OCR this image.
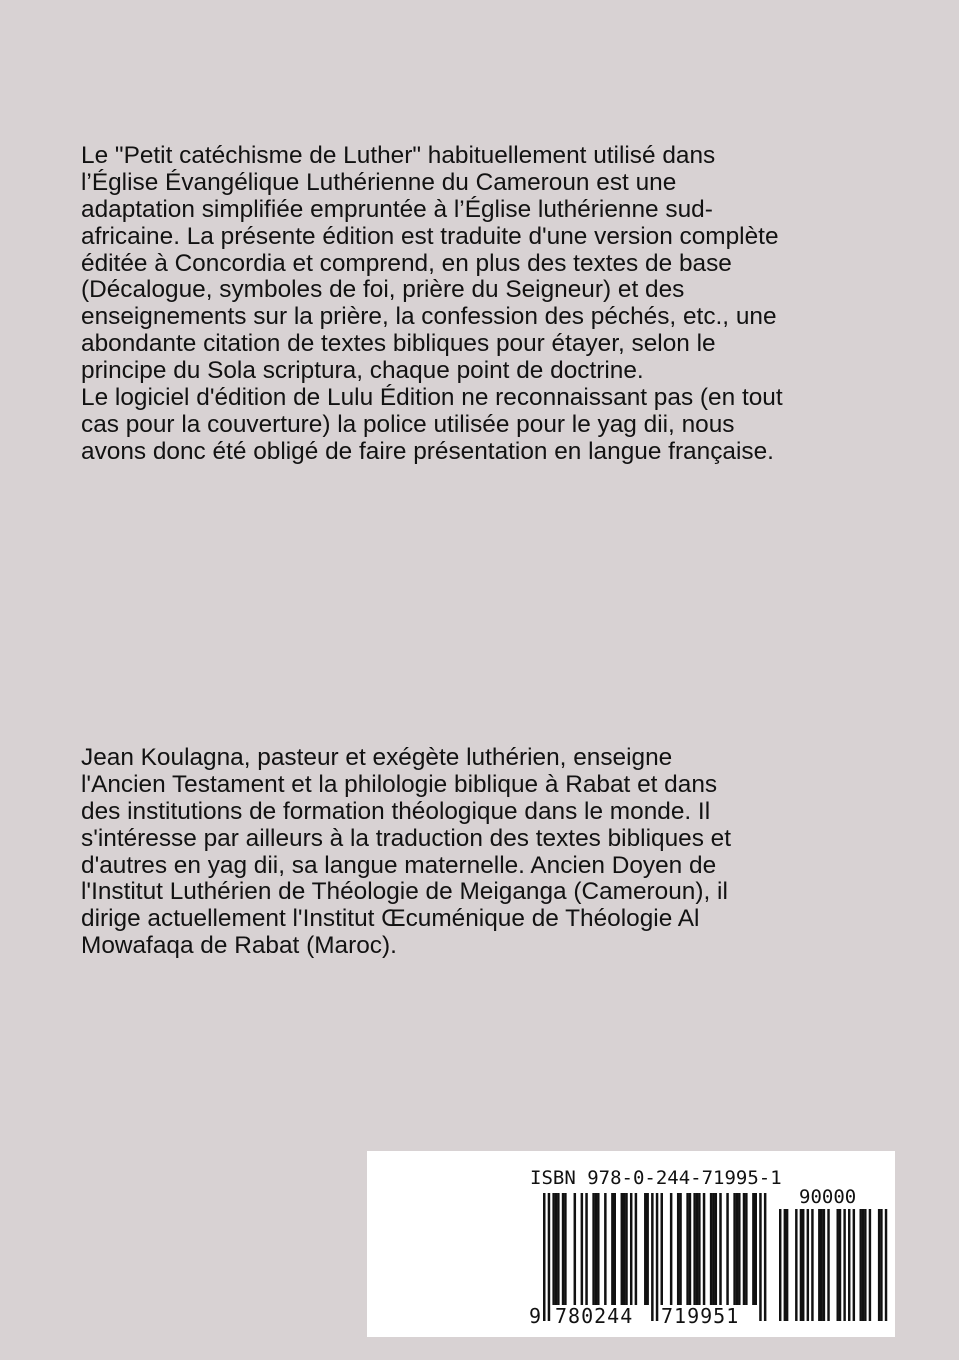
Le "Petit catéchisme de Luther" habituellement utilisé dans
l’Église Évangélique Luthérienne du Cameroun est une
adaptation simplifiée empruntée à l’Église luthérienne sud-
africaine. La présente édition est traduite d'une version complète
éditée à Concordia et comprend, en plus des textes de base
(Décalogue, symboles de foi, prière du Seigneur) et des
enseignements sur la prière, la confession des péchés, etc., une
abondante citation de textes bibliques pour étayer, selon le
principe du Sola scriptura, chaque point de doctrine.
Le logiciel d'édition de Lulu Édition ne reconnaissant pas (en tout
cas pour la couverture) la police utilisée pour le yag dii, nous
avons donc été obligé de faire présentation en langue française.
Jean Koulagna, pasteur et exégète luthérien, enseigne
l'Ancien Testament et la philologie biblique à Rabat et dans
des institutions de formation théologique dans le monde. Il
s'intéresse par ailleurs à la traduction des textes bibliques et
d'autres en yag dii, sa langue maternelle. Ancien Doyen de
l'Institut Luthérien de Théologie de Meiganga (Cameroun), il
dirige actuellement l'Institut Œcuménique de Théologie Al
Mowafaqa de Rabat (Maroc).
ISBN 978-0-244-71995-1
90000
9 780244 719951
